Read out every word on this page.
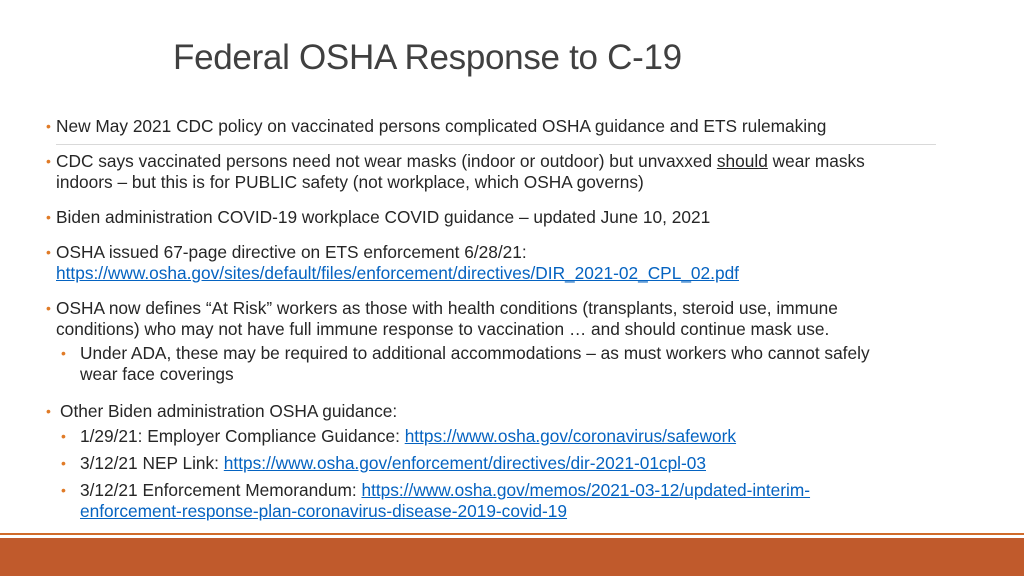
Federal OSHA Response to C-19
• New May 2021 CDC policy on vaccinated persons complicated OSHA guidance and ETS rulemaking
• CDC says vaccinated persons need not wear masks (indoor or outdoor) but unvaxxed should wear masks
indoors – but this is for PUBLIC safety (not workplace, which OSHA governs)
• Biden administration COVID-19 workplace COVID guidance – updated June 10, 2021
• OSHA issued 67-page directive on ETS enforcement 6/28/21:
https://www.osha.gov/sites/default/files/enforcement/directives/DIR_2021-02_CPL_02.pdf
• OSHA now defines “At Risk” workers as those with health conditions (transplants, steroid use, immune
conditions) who may not have full immune response to vaccination … and should continue mask use.
• Under ADA, these may be required to additional accommodations – as must workers who cannot safely
wear face coverings
• Other Biden administration OSHA guidance:
• 1/29/21: Employer Compliance Guidance: https://www.osha.gov/coronavirus/safework
• 3/12/21 NEP Link: https://www.osha.gov/enforcement/directives/dir-2021-01cpl-03
• 3/12/21 Enforcement Memorandum: https://www.osha.gov/memos/2021-03-12/updated-interim-
enforcement-response-plan-coronavirus-disease-2019-covid-19
